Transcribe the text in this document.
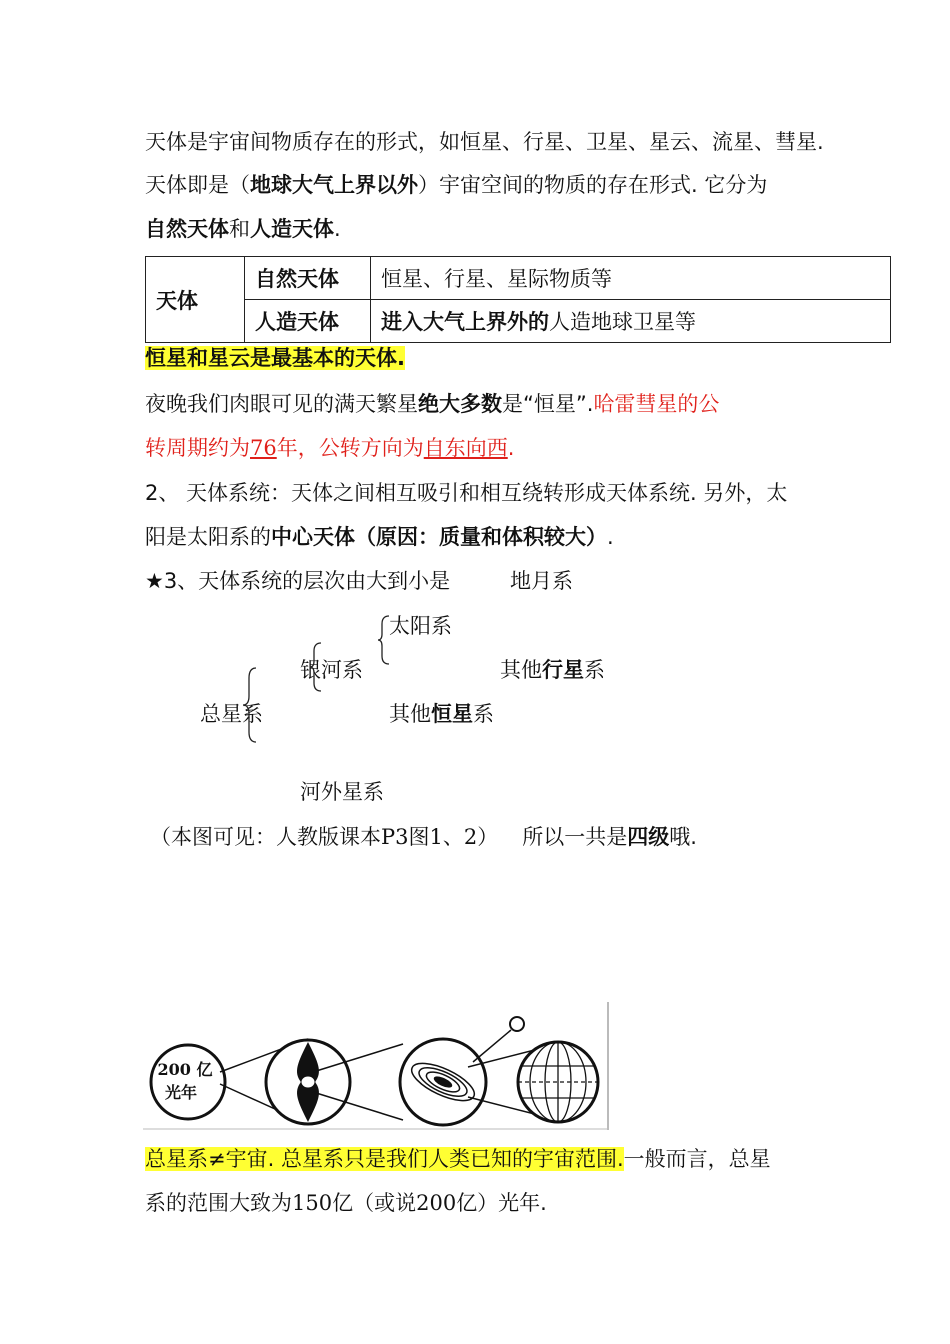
天体是宇宙间物质存在的形式，如恒星、行星、卫星、星云、流星、彗星.
天体即是（地球大气上界以外）宇宙空间的物质的存在形式. 它分为
自然天体和人造天体.
天体	自然天体	恒星、行星、星际物质等
	人造天体	进入大气上界外的人造地球卫星等
恒星和星云是最基本的天体.
夜晚我们肉眼可见的满天繁星绝大多数是“恒星”.哈雷彗星的公
转周期约为76年，公转方向为自东向西.
2、 天体系统：天体之间相互吸引和相互绕转形成天体系统. 另外，太
阳是太阳系的中心天体（原因：质量和体积较大）.
★3、天体系统的层次由大到小是	地月系
太阳系
银河系	其他行星系
总星系	其他恒星系
河外星系
（本图可见：人教版课本P3图1、2） 所以一共是四级哦.
200 亿
光年
总星系≠宇宙. 总星系只是我们人类已知的宇宙范围.一般而言，总星
系的范围大致为150亿（或说200亿）光年.
